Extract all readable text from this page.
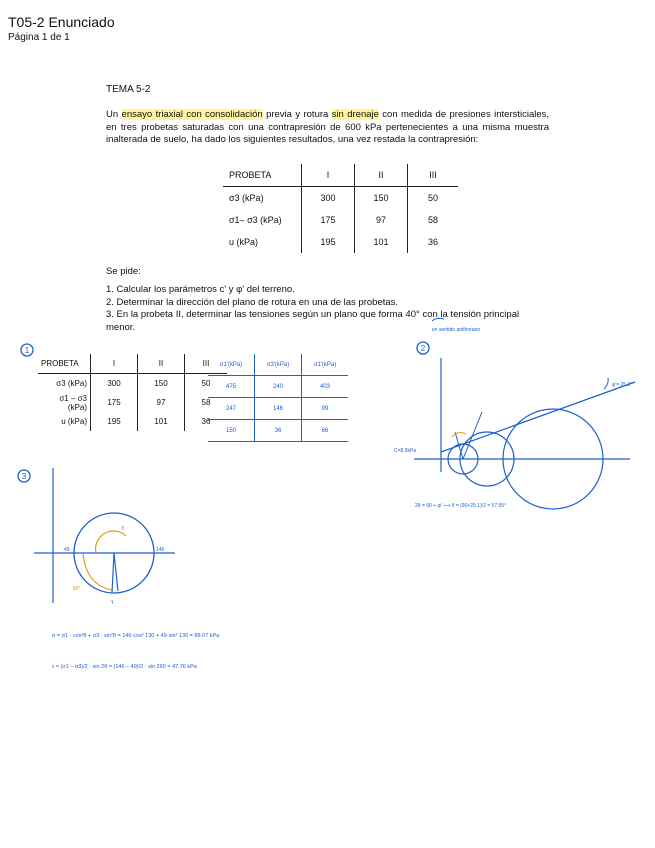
T05-2 Enunciado
Página 1 de 1
TEMA 5-2
Un ensayo triaxial con consolidación previa y rotura sin drenaje con medida de presiones intersticiales, en tres probetas saturadas con una contrapresión de 600 kPa pertenecientes a una misma muestra inalterada de suelo, ha dado los siguientes resultados, una vez restada la contrapresión:
PROBETA	I	II	III
σ3 (kPa)	300	150	50
σ1– σ3 (kPa)	175	97	58
u (kPa)	195	101	36
Se pide:
1. Calcular los parámetros c' y φ' del terreno.
2. Determinar la dirección del plano de rotura en una de las probetas.
3. En la probeta II, determinar las tensiones según un plano que forma 40° con la tensión principal menor.
PROBETA	I	II	III
σ3 (kPa)	300	150	50
σ1 – σ3 (kPa)	175	97	58
u (kPa)	195	101	36
σ1'(kPa)	σ3'(kPa)	σ1'(kPa)
475	240	403
247	146	99
150	36	66
en sentido antihorario
1	2
3
φ'= 25.1°
C=8.5kPa
2θ = 90 + φ' ⟶ θ = (90+25.1)/2 = 57.55°
49	146
80°
θ
τ
σ = σ1 · cos²θ + σ3 · sin²θ = 146·cos² 130 + 49·sin² 130 = 88.07 kPa
τ = (σ1 – σ3)/2 · sin 2θ = (146 – 49)/2 · sin 260 = 47.76 kPa
